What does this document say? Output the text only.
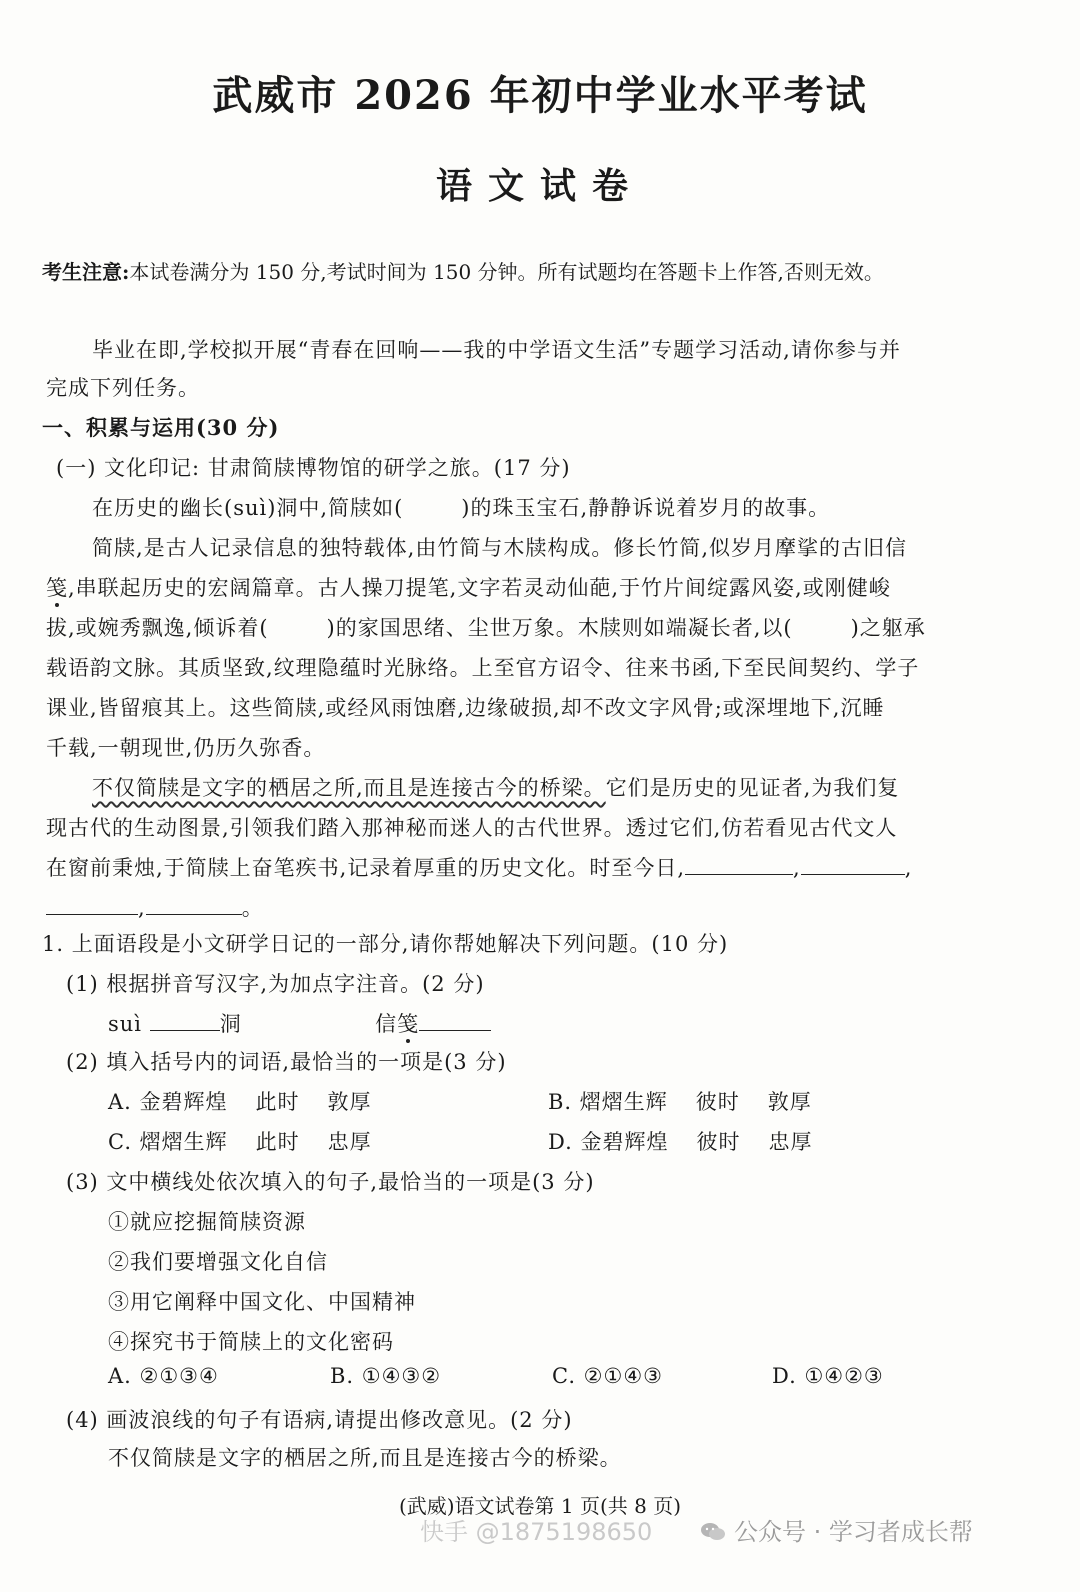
武威市 2026 年初中学业水平考试
语文试卷
考生注意:本试卷满分为 150 分,考试时间为 150 分钟。所有试题均在答题卡上作答,否则无效。
毕业在即,学校拟开展“青春在回响——我的中学语文生活”专题学习活动,请你参与并
完成下列任务。
一、积累与运用(30 分)
(一) 文化印记: 甘肃简牍博物馆的研学之旅。(17 分)
在历史的幽长(suì)洞中,简牍如(	)的珠玉宝石,静静诉说着岁月的故事。
简牍,是古人记录信息的独特载体,由竹简与木牍构成。修长竹简,似岁月摩挲的古旧信
笺,串联起历史的宏阔篇章。古人操刀提笔,文字若灵动仙葩,于竹片间绽露风姿,或刚健峻
拔,或婉秀飘逸,倾诉着(	)的家国思绪、尘世万象。木牍则如端凝长者,以(	)之躯承
载语韵文脉。其质坚致,纹理隐蕴时光脉络。上至官方诏令、往来书函,下至民间契约、学子
课业,皆留痕其上。这些简牍,或经风雨蚀磨,边缘破损,却不改文字风骨;或深埋地下,沉睡
千载,一朝现世,仍历久弥香。
不仅简牍是文字的栖居之所,而且是连接古今的桥梁。它们是历史的见证者,为我们复
现古代的生动图景,引领我们踏入那神秘而迷人的古代世界。透过它们,仿若看见古代文人
在窗前秉烛,于简牍上奋笔疾书,记录着厚重的历史文化。时至今日,	,	,
,	。
1. 上面语段是小文研学日记的一部分,请你帮她解决下列问题。(10 分)
(1) 根据拼音写汉字,为加点字注音。(2 分)
suì	洞	信笺
(2) 填入括号内的词语,最恰当的一项是(3 分)
A. 金碧辉煌 此时 敦厚	B. 熠熠生辉 彼时 敦厚
C. 熠熠生辉 此时 忠厚	D. 金碧辉煌 彼时 忠厚
(3) 文中横线处依次填入的句子,最恰当的一项是(3 分)
①就应挖掘简牍资源
②我们要增强文化自信
③用它阐释中国文化、中国精神
④探究书于简牍上的文化密码
A. ②①③④	B. ①④③②	C. ②①④③	D. ①④②③
(4) 画波浪线的句子有语病,请提出修改意见。(2 分)
不仅简牍是文字的栖居之所,而且是连接古今的桥梁。
(武威)语文试卷第 1 页(共 8 页)
快手 @1875198650	公众号 · 学习者成长帮
